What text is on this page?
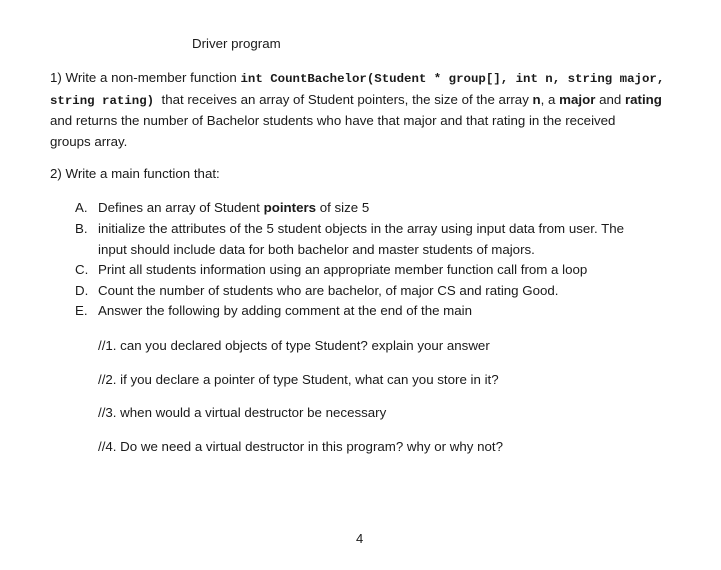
Driver program
1) Write a non-member function int CountBachelor(Student * group[], int n, string major,
string rating) that receives an array of Student pointers, the size of the array n, a major and rating
and returns the number of Bachelor students who have that major and that rating in the received
groups array.
2) Write a main function that:
A. Defines an array of Student pointers of size 5
B. initialize the attributes of the 5 student objects in the array using input data from user. The
input should include data for both bachelor and master students of majors.
C. Print all students information using an appropriate member function call from a loop
D. Count the number of students who are bachelor, of major CS and rating Good.
E. Answer the following by adding comment at the end of the main
//1. can you declared objects of type Student? explain your answer
//2. if you declare a pointer of type Student, what can you store in it?
//3. when would a virtual destructor be necessary
//4. Do we need a virtual destructor in this program? why or why not?
4
